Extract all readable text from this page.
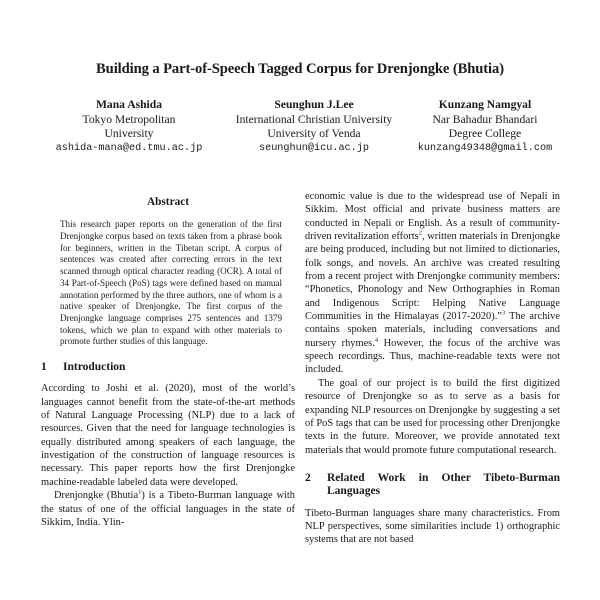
Building a Part-of-Speech Tagged Corpus for Drenjongke (Bhutia)
Mana Ashida
Tokyo Metropolitan
University
ashida-mana@ed.tmu.ac.jp
Seunghun J.Lee
International Christian University
University of Venda
seunghun@icu.ac.jp
Kunzang Namgyal
Nar Bahadur Bhandari
Degree College
kunzang49348@gmail.com
Abstract

This research paper reports on the generation of the first Drenjongke corpus based on texts taken from a phrase book for beginners, written in the Tibetan script. A corpus of sentences was created after correcting errors in the text scanned through optical character reading (OCR). A total of 34 Part-of-Speech (PoS) tags were defined based on manual annotation performed by the three authors, one of whom is a native speaker of Drenjongke. The first corpus of the Drenjongke language comprises 275 sentences and 1379 tokens, which we plan to expand with other materials to promote further studies of this language.

1	Introduction

According to Joshi et al. (2020), most of the world’s languages cannot benefit from the state-of-the-art methods of Natural Language Processing (NLP) due to a lack of resources. Given that the need for language technologies is equally distributed among speakers of each language, the investigation of the construction of language resources is necessary. This paper reports how the first Drenjongke machine-readable labeled data were developed.

Drenjongke (Bhutia$^1$) is a Tibeto-Burman language with the status of one of the official languages in the state of Sikkim, India. Ylin-

economic value is due to the widespread use of Nepali in Sikkim. Most official and private business matters are conducted in Nepali or English. As a result of community-driven revitalization efforts$^2$, written materials in Drenjongke are being produced, including but not limited to dictionaries, folk songs, and novels. An archive was created resulting from a recent project with Drenjongke community members: “Phonetics, Phonology and New Orthographies in Roman and Indigenous Script: Helping Native Language Communities in the Himalayas (2017-2020).”$^3$ The archive contains spoken materials, including conversations and nursery rhymes.$^4$ However, the focus of the archive was speech recordings. Thus, machine-readable texts were not included.

The goal of our project is to build the first digitized resource of Drenjongke so as to serve as a basis for expanding NLP resources on Drenjongke by suggesting a set of PoS tags that can be used for processing other Drenjongke texts in the future. Moreover, we provide annotated text materials that would promote future computational research.

2	Related Work in Other Tibeto-Burman Languages

Tibeto-Burman languages share many characteristics. From NLP perspectives, some similarities include 1) orthographic systems that are not based
